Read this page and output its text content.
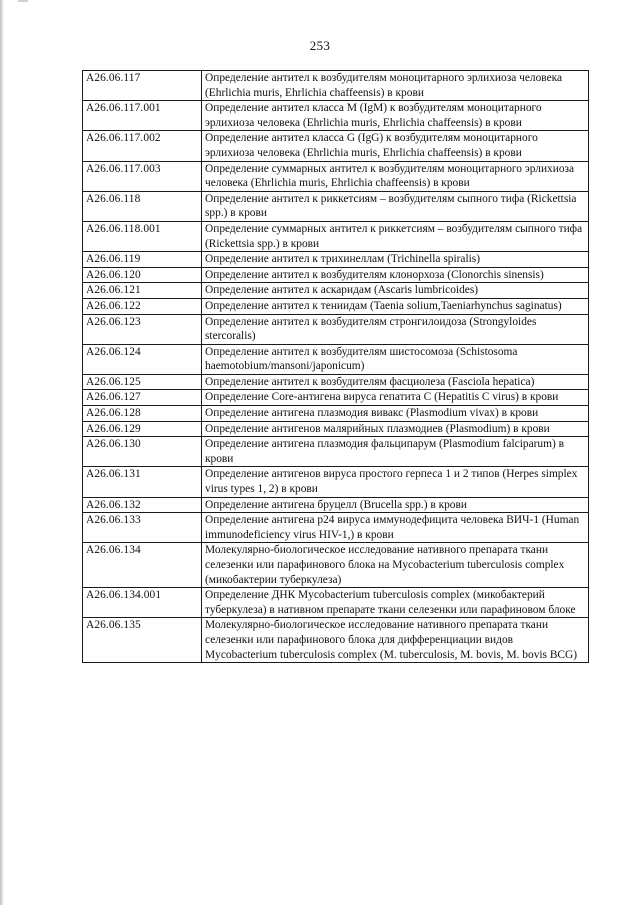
253
A26.06.117	Определение антител к возбудителям моноцитарного эрлихиоза человека (Ehrlichia muris, Ehrlichia chaffeensis) в крови
A26.06.117.001	Определение антител класса M (IgM) к возбудителям моноцитарного эрлихиоза человека (Ehrlichia muris, Ehrlichia chaffeensis) в крови
A26.06.117.002	Определение антител класса G (IgG) к возбудителям моноцитарного эрлихиоза человека (Ehrlichia muris, Ehrlichia chaffeensis) в крови
A26.06.117.003	Определение суммарных антител к возбудителям моноцитарного эрлихиоза человека (Ehrlichia muris, Ehrlichia chaffeensis) в крови
A26.06.118	Определение антител к риккетсиям – возбудителям сыпного тифа (Rickettsia spp.) в крови
A26.06.118.001	Определение суммарных антител к риккетсиям – возбудителям сыпного тифа (Rickettsia spp.) в крови
A26.06.119	Определение антител к трихинеллам (Trichinella spiralis)
A26.06.120	Определение антител к возбудителям клонорхоза (Clonorchis sinensis)
A26.06.121	Определение антител к аскаридам (Ascaris lumbricoides)
A26.06.122	Определение антител к тениидам (Taenia solium,Taeniarhynchus saginatus)
A26.06.123	Определение антител к возбудителям стронгилоидоза (Strongyloides stercoralis)
A26.06.124	Определение антител к возбудителям шистосомоза (Schistosoma haemotobium/mansoni/japonicum)
A26.06.125	Определение антител к возбудителям фасциолеза (Fasciola hepatica)
A26.06.127	Определение Core-антигена вируса гепатита C (Hepatitis C virus) в крови
A26.06.128	Определение антигена плазмодия вивакс (Plasmodium vivax) в крови
A26.06.129	Определение антигенов малярийных плазмодиев (Plasmodium) в крови
A26.06.130	Определение антигена плазмодия фальципарум (Plasmodium falciparum) в крови
A26.06.131	Определение антигенов вируса простого герпеса 1 и 2 типов (Herpes simplex virus types 1, 2) в крови
A26.06.132	Определение антигена бруцелл (Brucella spp.) в крови
A26.06.133	Определение антигена p24 вируса иммунодефицита человека ВИЧ-1 (Human immunodeficiency virus HIV-1,) в крови
A26.06.134	Молекулярно-биологическое исследование нативного препарата ткани селезенки или парафинового блока на Mycobacterium tuberculosis complex (микобактерии туберкулеза)
A26.06.134.001	Определение ДНК Mycobacterium tuberculosis complex (микобактерий туберкулеза) в нативном препарате ткани селезенки или парафиновом блоке
A26.06.135	Молекулярно-биологическое исследование нативного препарата ткани селезенки или парафинового блока для дифференциации видов Mycobacterium tuberculosis complex (M. tuberculosis, M. bovis, M. bovis BCG)
